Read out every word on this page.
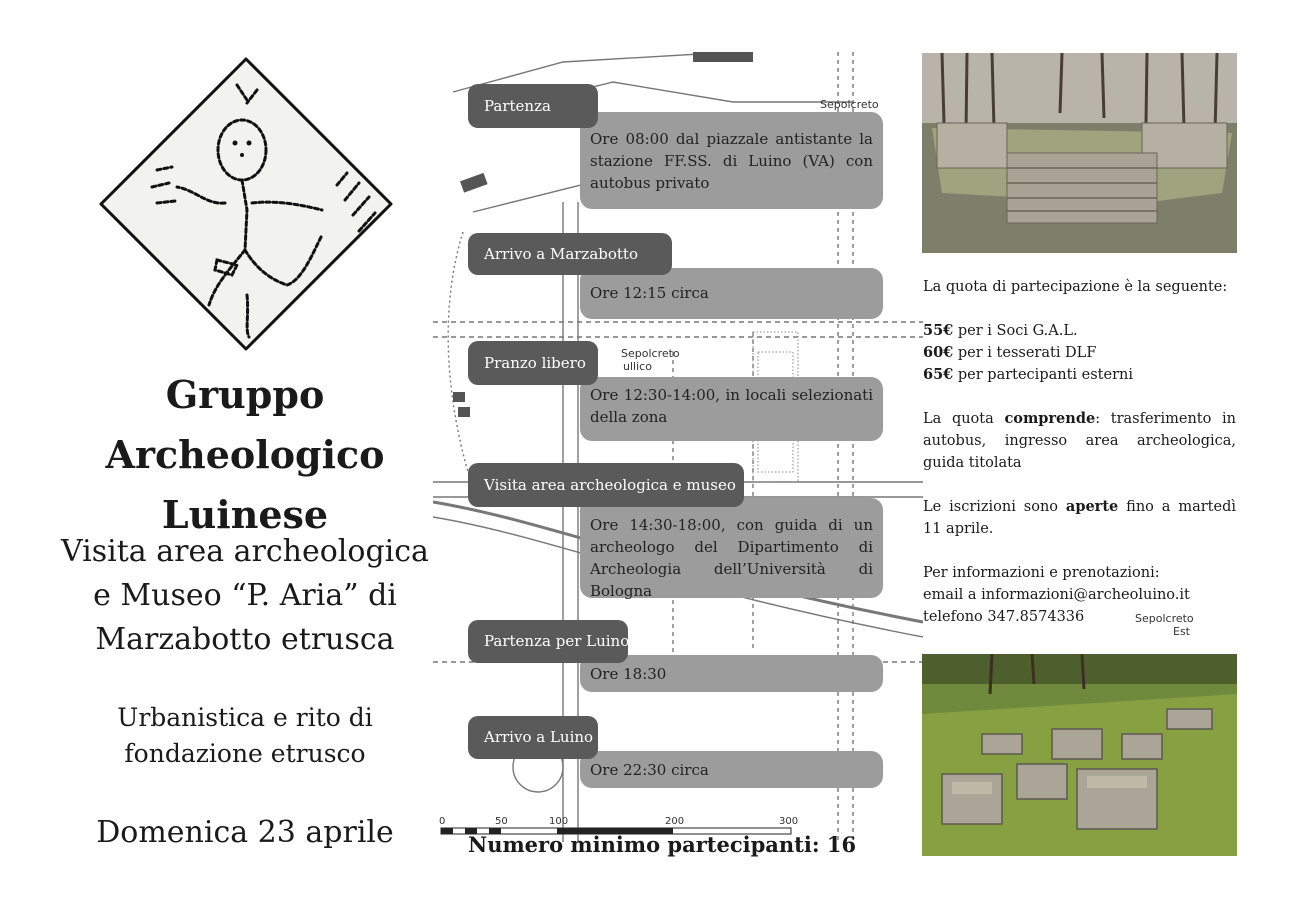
Gruppo
Archeologico
Luinese
Visita area archeologica
e Museo “P. Aria” di
Marzabotto etrusca
Urbanistica e rito di
fondazione etrusco
Domenica 23 aprile
Sepolcreto
Sepolcreto
ullico
0	50	100	200	300
Sepolcreto
Est
Ore 08:00 dal piazzale antistante la stazione FF.SS. di Luino (VA) con autobus privato
Partenza
Ore 12:15 circa
Arrivo a Marzabotto
Ore 12:30-14:00, in locali selezionati della zona
Pranzo libero
Ore 14:30-18:00, con guida di un archeologo del Dipartimento di Archeologia dell’Università di Bologna
Visita area archeologica e museo
Ore 18:30
Partenza per Luino
Ore 22:30 circa
Arrivo a Luino
Numero minimo partecipanti: 16

La quota di partecipazione è la seguente:

55€ per i Soci G.A.L.

60€ per i tesserati DLF

65€ per partecipanti esterni

La quota comprende: trasferimento in autobus, ingresso area archeologica, guida titolata

Le iscrizioni sono aperte fino a martedì 11 aprile.

Per informazioni e prenotazioni:

email a informazioni@archeoluino.it

telefono 347.8574336
